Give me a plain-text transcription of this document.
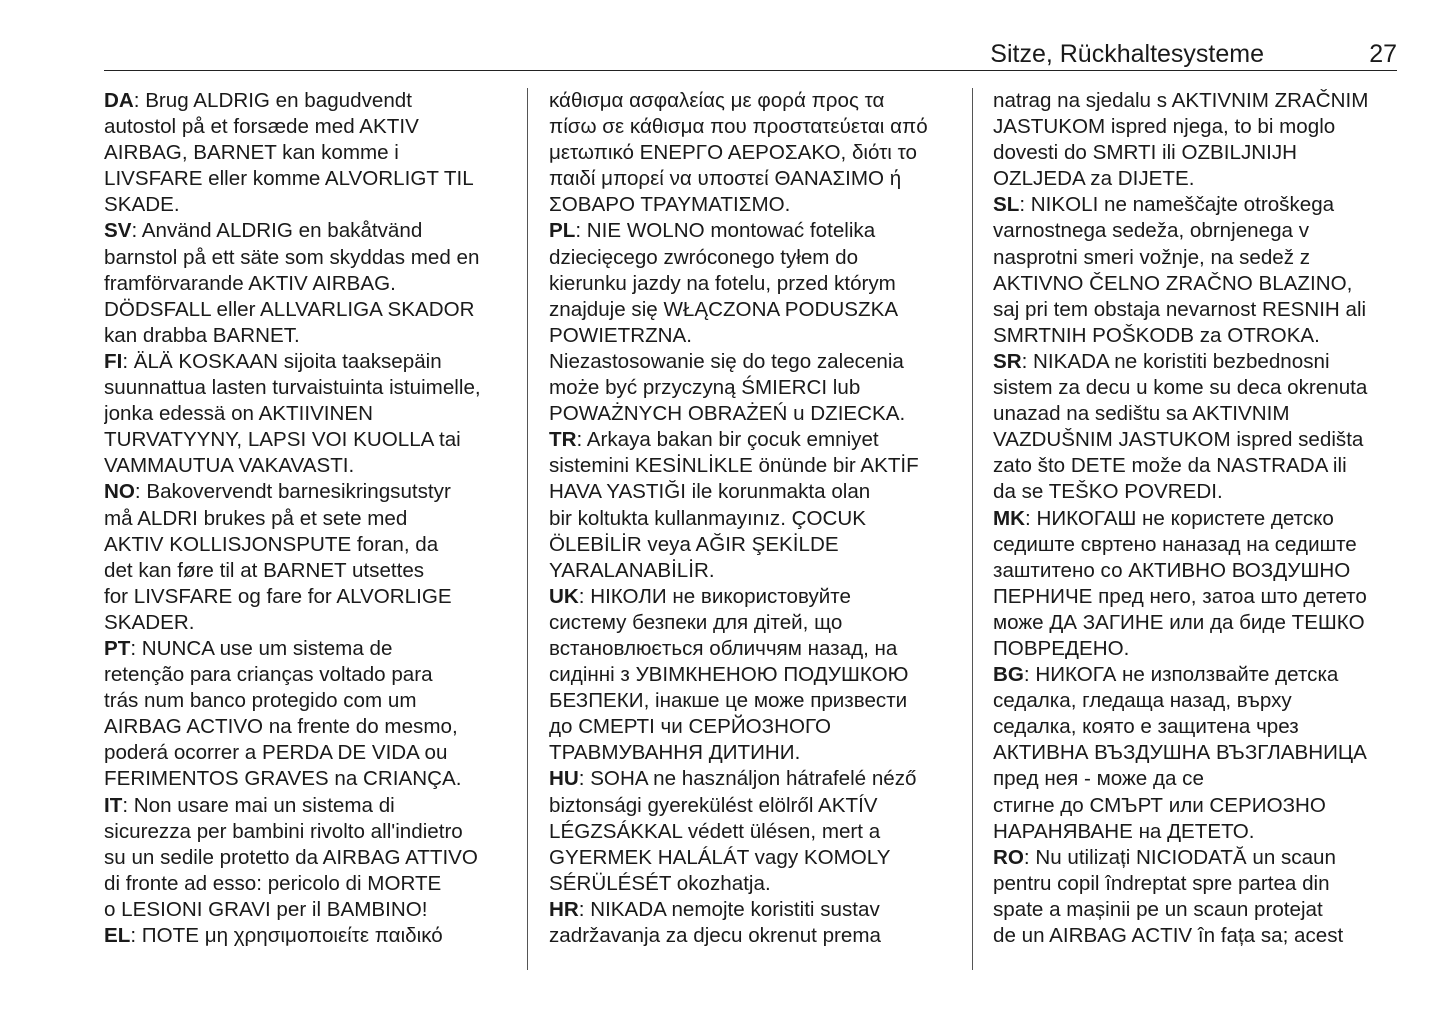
Sitze, Rückhaltesysteme	27
DA: Brug ALDRIG en bagudvendt
autostol på et forsæde med AKTIV
AIRBAG, BARNET kan komme i
LIVSFARE eller komme ALVORLIGT TIL
SKADE.
SV: Använd ALDRIG en bakåtvänd
barnstol på ett säte som skyddas med en
framförvarande AKTIV AIRBAG.
DÖDSFALL eller ALLVARLIGA SKADOR
kan drabba BARNET.
FI: ÄLÄ KOSKAAN sijoita taaksepäin
suunnattua lasten turvaistuinta istuimelle,
jonka edessä on AKTIIVINEN
TURVATYYNY, LAPSI VOI KUOLLA tai
VAMMAUTUA VAKAVASTI.
NO: Bakovervendt barnesikringsutstyr
må ALDRI brukes på et sete med
AKTIV KOLLISJONSPUTE foran, da
det kan føre til at BARNET utsettes
for LIVSFARE og fare for ALVORLIGE
SKADER.
PT: NUNCA use um sistema de
retenção para crianças voltado para
trás num banco protegido com um
AIRBAG ACTIVO na frente do mesmo,
poderá ocorrer a PERDA DE VIDA ou
FERIMENTOS GRAVES na CRIANÇA.
IT: Non usare mai un sistema di
sicurezza per bambini rivolto all'indietro
su un sedile protetto da AIRBAG ATTIVO
di fronte ad esso: pericolo di MORTE
o LESIONI GRAVI per il BAMBINO!
EL: ΠΟΤΕ μη χρησιμοποιείτε παιδικό
κάθισμα ασφαλείας με φορά προς τα
πίσω σε κάθισμα που προστατεύεται από
μετωπικό ΕΝΕΡΓΟ ΑΕΡΟΣΑΚΟ, διότι το
παιδί μπορεί να υποστεί ΘΑΝΑΣΙΜΟ ή
ΣΟΒΑΡΟ ΤΡΑΥΜΑΤΙΣΜΟ.
PL: NIE WOLNO montować fotelika
dziecięcego zwróconego tyłem do
kierunku jazdy na fotelu, przed którym
znajduje się WŁĄCZONA PODUSZKA
POWIETRZNA.
Niezastosowanie się do tego zalecenia
może być przyczyną ŚMIERCI lub
POWAŻNYCH OBRAŻEŃ u DZIECKA.
TR: Arkaya bakan bir çocuk emniyet
sistemini KESİNLİKLE önünde bir AKTİF
HAVA YASTIĞI ile korunmakta olan
bir koltukta kullanmayınız. ÇOCUK
ÖLEBİLİR veya AĞIR ŞEKİLDE
YARALANABİLİR.
UK: НІКОЛИ не використовуйте
систему безпеки для дітей, що
встановлюється обличчям назад, на
сидінні з УВІМКНЕНОЮ ПОДУШКОЮ
БЕЗПЕКИ, інакше це може призвести
до СМЕРТІ чи СЕРЙОЗНОГО
ТРАВМУВАННЯ ДИТИНИ.
HU: SOHA ne használjon hátrafelé néző
biztonsági gyerekülést elölről AKTÍV
LÉGZSÁKKAL védett ülésen, mert a
GYERMEK HALÁLÁT vagy KOMOLY
SÉRÜLÉSÉT okozhatja.
HR: NIKADA nemojte koristiti sustav
zadržavanja za djecu okrenut prema
natrag na sjedalu s AKTIVNIM ZRAČNIM
JASTUKOM ispred njega, to bi moglo
dovesti do SMRTI ili OZBILJNIJH
OZLJEDA za DIJETE.
SL: NIKOLI ne nameščajte otroškega
varnostnega sedeža, obrnjenega v
nasprotni smeri vožnje, na sedež z
AKTIVNO ČELNO ZRAČNO BLAZINO,
saj pri tem obstaja nevarnost RESNIH ali
SMRTNIH POŠKODB za OTROKA.
SR: NIKADA ne koristiti bezbednosni
sistem za decu u kome su deca okrenuta
unazad na sedištu sa AKTIVNIM
VAZDUŠNIM JASTUKOM ispred sedišta
zato što DETE može da NASTRADA ili
da se TEŠKO POVREDI.
MK: НИКОГАШ не користете детско
седиште свртено наназад на седиште
заштитено со АКТИВНО ВОЗДУШНО
ПЕРНИЧЕ пред него, затоа што детето
може ДА ЗАГИНЕ или да биде ТЕШКО
ПОВРЕДЕНО.
BG: НИКОГА не използвайте детска
седалка, гледаща назад, върху
седалка, която е защитена чрез
АКТИВНА ВЪЗДУШНА ВЪЗГЛАВНИЦА
пред нея - може да се
стигне до СМЪРТ или СЕРИОЗНО
НАРАНЯВАНЕ на ДЕТЕТО.
RO: Nu utilizați NICIODATĂ un scaun
pentru copil îndreptat spre partea din
spate a mașinii pe un scaun protejat
de un AIRBAG ACTIV în fața sa; acest
